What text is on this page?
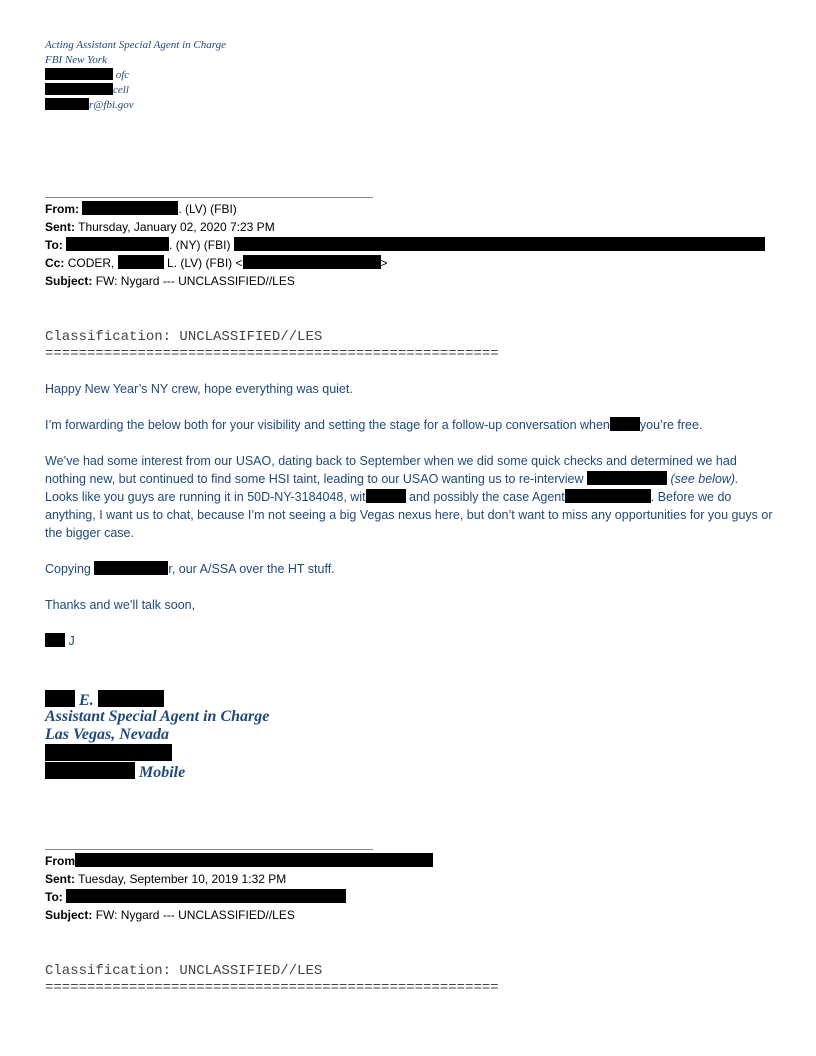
Acting Assistant Special Agent in Charge
FBI New York
ofc
cell
r@fbi.gov
From:	. (LV) (FBI)
Sent: Thursday, January 02, 2020 7:23 PM
To:	. (NY) (FBI)
Cc: CODER,	L. (LV) (FBI) <	>
Subject: FW: Nygard --- UNCLASSIFIED//LES
Classification: UNCLASSIFIED//LES
======================================================

Happy New Year’s NY crew, hope everything was quiet.

I’m forwarding the below both for your visibility and setting the stage for a follow-up conversation when you’re free.

We’ve had some interest from our USAO, dating back to September when we did some quick checks and determined we had nothing new, but continued to find some HSI taint, leading to our USAO wanting us to re-interview	(see below). Looks like you guys are running it in 50D-NY-3184048, wit	and possibly the case Agent	. Before we do anything, I want us to chat, because I’m not seeing a big Vegas nexus here, but don’t want to miss any opportunities for you guys or the bigger case.

Copying	r, our A/SSA over the HT stuff.

Thanks and we’ll talk soon,

J

E.
Assistant Special Agent in Charge
Las Vegas, Nevada
Mobile
From
Sent: Tuesday, September 10, 2019 1:32 PM
To:
Subject: FW: Nygard --- UNCLASSIFIED//LES
Classification: UNCLASSIFIED//LES
======================================================
